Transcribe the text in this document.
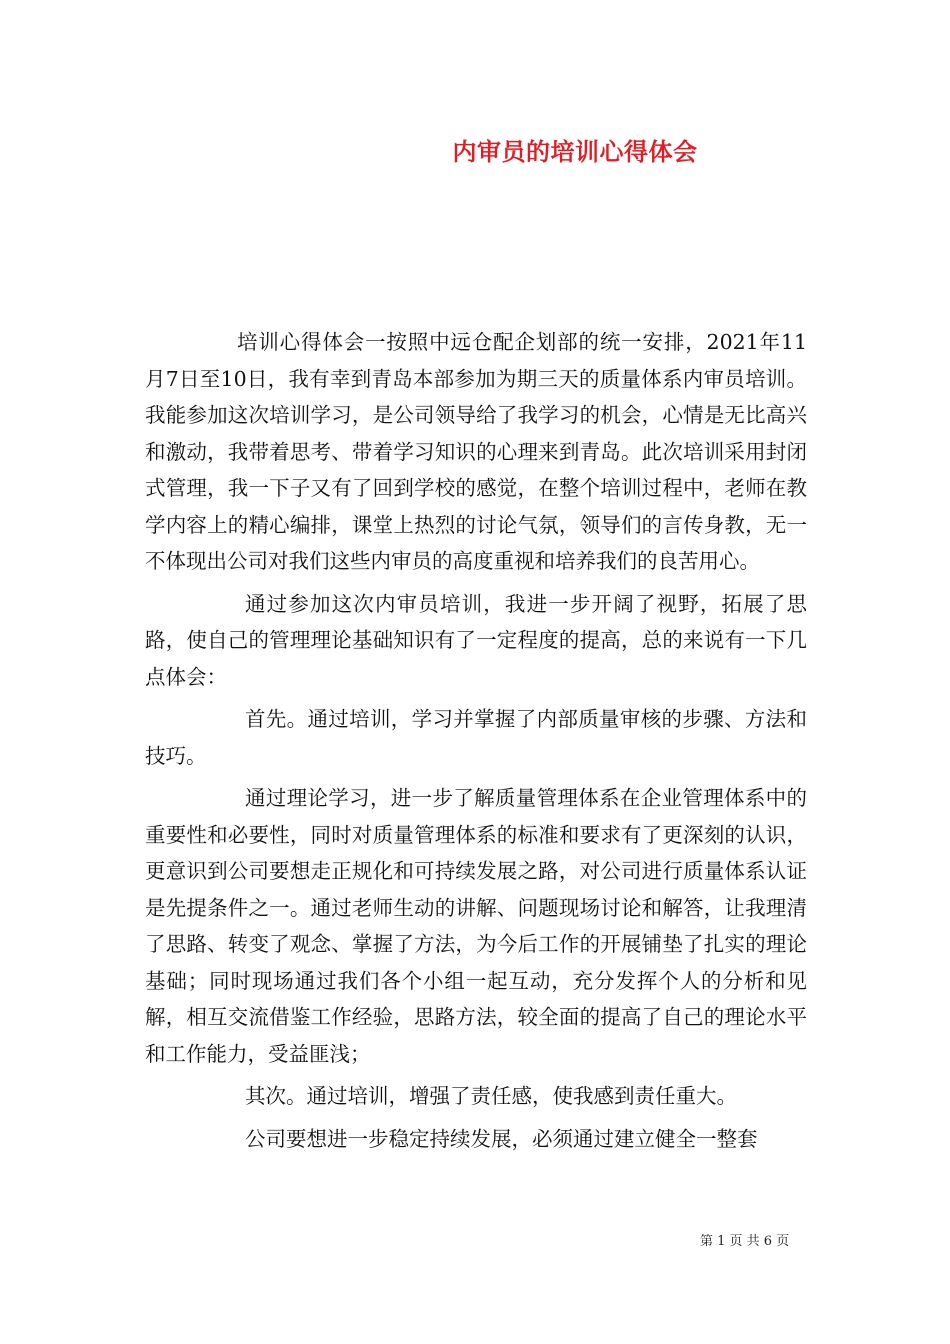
内审员的培训心得体会

培训心得体会一按照中远仓配企划部的统一安排，2021年11月7日至10日，我有幸到青岛本部参加为期三天的质量体系内审员培训。我能参加这次培训学习，是公司领导给了我学习的机会，心情是无比高兴和激动，我带着思考、带着学习知识的心理来到青岛。此次培训采用封闭式管理，我一下子又有了回到学校的感觉，在整个培训过程中，老师在教学内容上的精心编排，课堂上热烈的讨论气氛，领导们的言传身教，无一不体现出公司对我们这些内审员的高度重视和培养我们的良苦用心。

通过参加这次内审员培训，我进一步开阔了视野，拓展了思路，使自己的管理理论基础知识有了一定程度的提高，总的来说有一下几点体会：

首先。通过培训，学习并掌握了内部质量审核的步骤、方法和技巧。

通过理论学习，进一步了解质量管理体系在企业管理体系中的重要性和必要性，同时对质量管理体系的标准和要求有了更深刻的认识，更意识到公司要想走正规化和可持续发展之路，对公司进行质量体系认证是先提条件之一。通过老师生动的讲解、问题现场讨论和解答，让我理清了思路、转变了观念、掌握了方法，为今后工作的开展铺垫了扎实的理论基础；同时现场通过我们各个小组一起互动，充分发挥个人的分析和见解，相互交流借鉴工作经验，思路方法，较全面的提高了自己的理论水平和工作能力，受益匪浅；

其次。通过培训，增强了责任感，使我感到责任重大。

公司要想进一步稳定持续发展，必须通过建立健全一整套

第 1 页 共 6 页
